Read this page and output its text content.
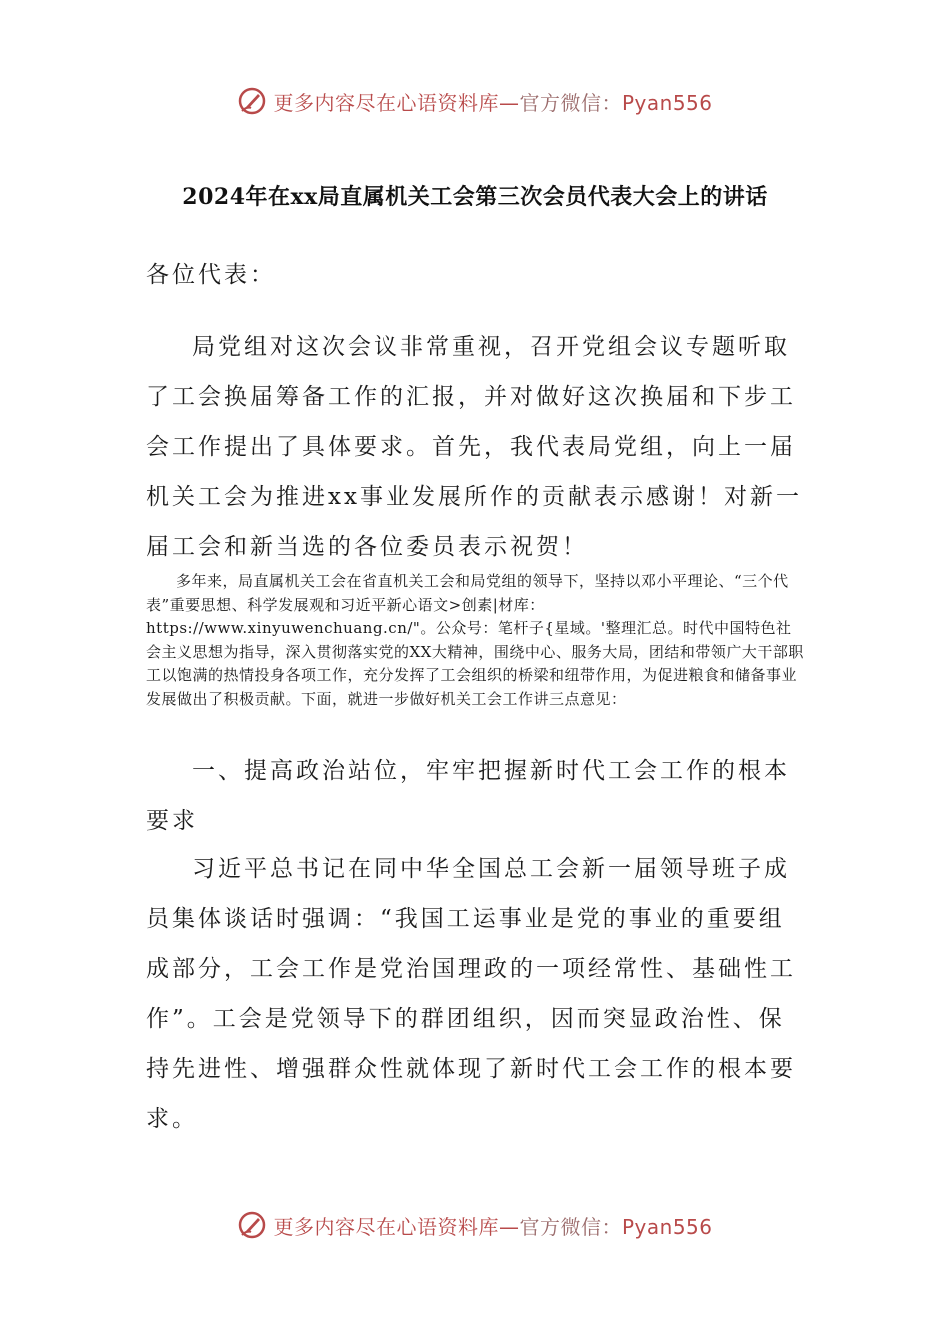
更多内容尽在心语资料库—官方微信：Pyan556
2024年在xx局直属机关工会第三次会员代表大会上的讲话
各位代表：

局党组对这次会议非常重视，召开党组会议专题听取了工会换届筹备工作的汇报，并对做好这次换届和下步工会工作提出了具体要求。首先，我代表局党组，向上一届机关工会为推进xx事业发展所作的贡献表示感谢！对新一届工会和新当选的各位委员表示祝贺！

多年来，局直属机关工会在省直机关工会和局党组的领导下，坚持以邓小平理论、“三个代表”重要思想、科学发展观和习近平新心语文>创素|材库：https://www.xinyuwenchuang.cn/"。公众号：笔杆子{星域。'整理汇总。时代中国特色社会主义思想为指导，深入贯彻落实党的XX大精神，围绕中心、服务大局，团结和带领广大干部职工以饱满的热情投身各项工作，充分发挥了工会组织的桥梁和纽带作用，为促进粮食和储备事业发展做出了积极贡献。下面，就进一步做好机关工会工作讲三点意见：

一、提高政治站位，牢牢把握新时代工会工作的根本要求

习近平总书记在同中华全国总工会新一届领导班子成员集体谈话时强调：“我国工运事业是党的事业的重要组成部分，工会工作是党治国理政的一项经常性、基础性工作”。工会是党领导下的群团组织，因而突显政治性、保持先进性、增强群众性就体现了新时代工会工作的根本要求。

更多内容尽在心语资料库—官方微信：Pyan556
